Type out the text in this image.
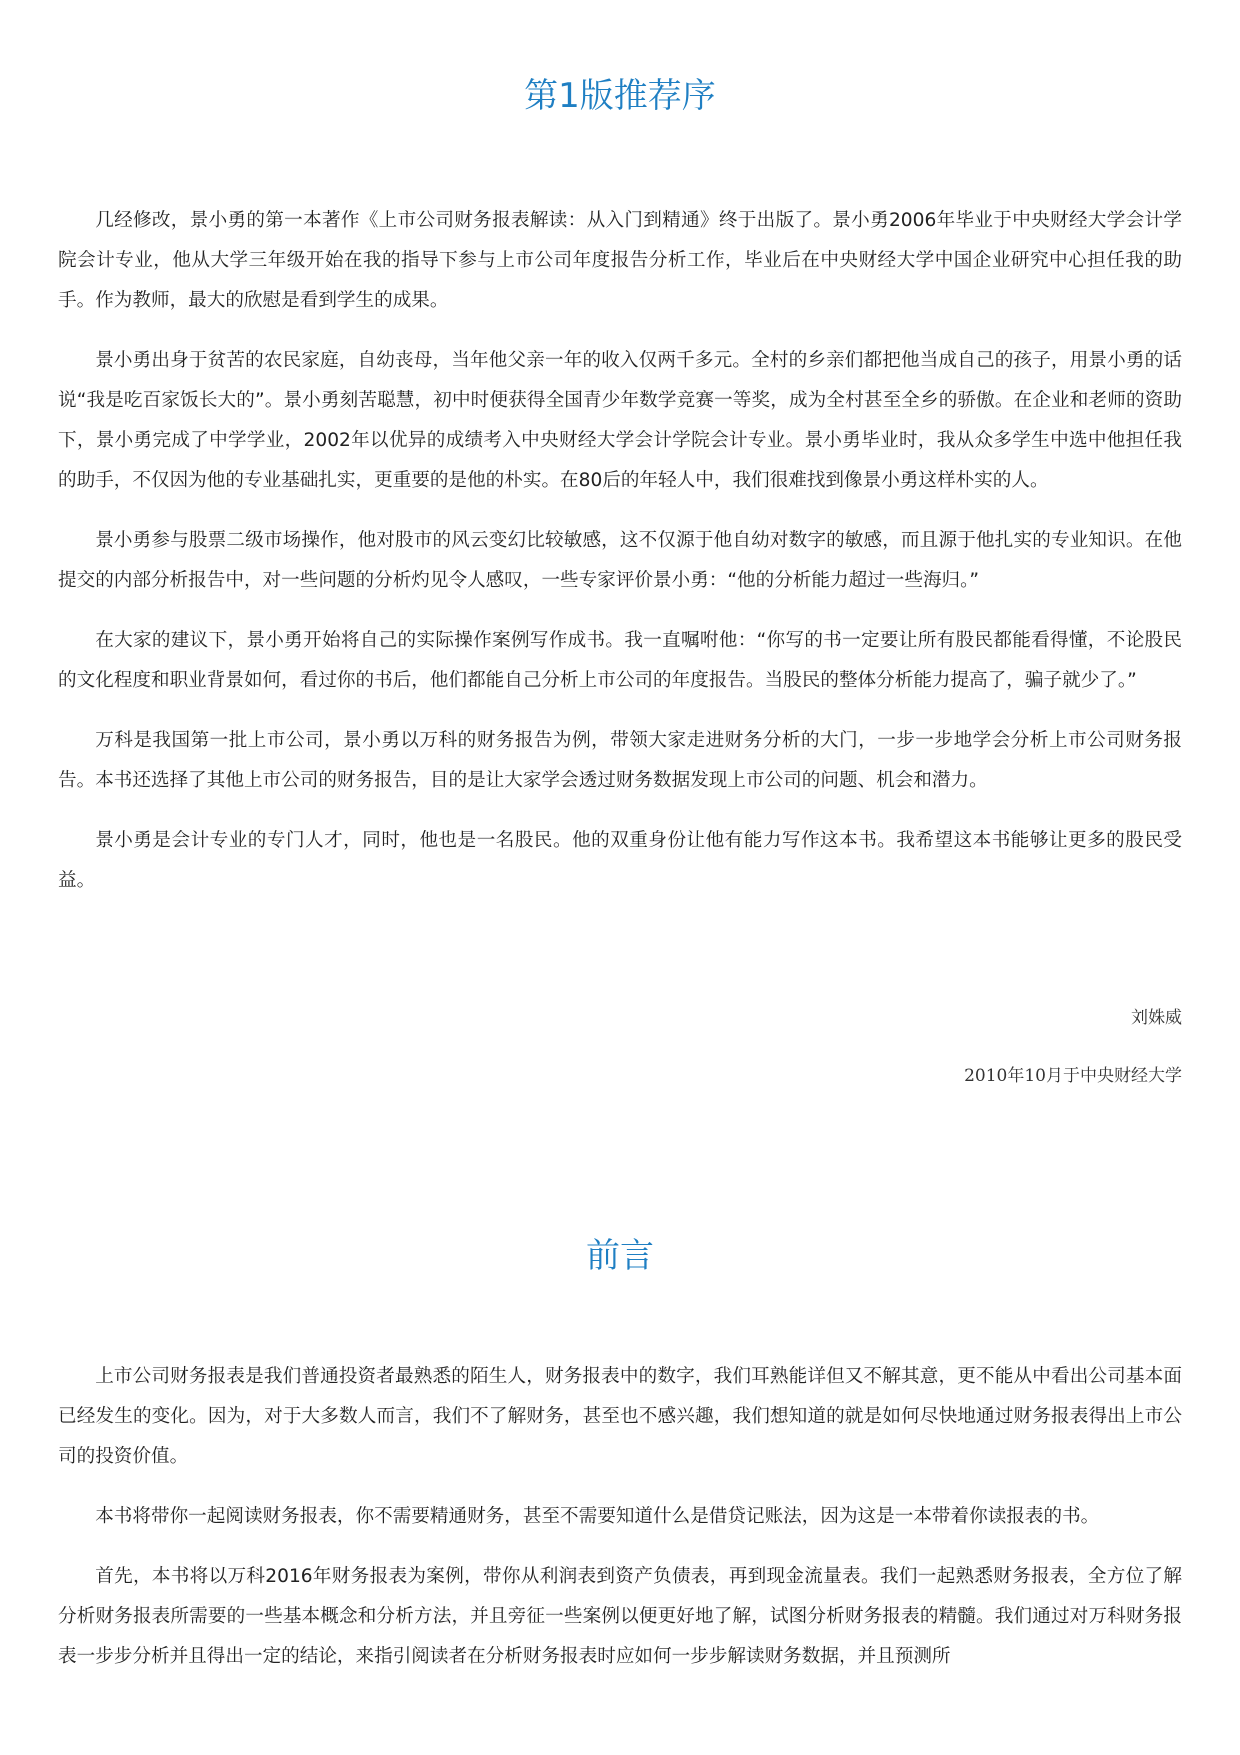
第1版推荐序

几经修改，景小勇的第一本著作《上市公司财务报表解读：从入门到精通》终于出版了。景小勇2006年毕业于中央财经大学会计学院会计专业，他从大学三年级开始在我的指导下参与上市公司年度报告分析工作，毕业后在中央财经大学中国企业研究中心担任我的助手。作为教师，最大的欣慰是看到学生的成果。

景小勇出身于贫苦的农民家庭，自幼丧母，当年他父亲一年的收入仅两千多元。全村的乡亲们都把他当成自己的孩子，用景小勇的话说“我是吃百家饭长大的”。景小勇刻苦聪慧，初中时便获得全国青少年数学竞赛一等奖，成为全村甚至全乡的骄傲。在企业和老师的资助下，景小勇完成了中学学业，2002年以优异的成绩考入中央财经大学会计学院会计专业。景小勇毕业时，我从众多学生中选中他担任我的助手，不仅因为他的专业基础扎实，更重要的是他的朴实。在80后的年轻人中，我们很难找到像景小勇这样朴实的人。

景小勇参与股票二级市场操作，他对股市的风云变幻比较敏感，这不仅源于他自幼对数字的敏感，而且源于他扎实的专业知识。在他提交的内部分析报告中，对一些问题的分析灼见令人感叹，一些专家评价景小勇：“他的分析能力超过一些海归。”

在大家的建议下，景小勇开始将自己的实际操作案例写作成书。我一直嘱咐他：“你写的书一定要让所有股民都能看得懂，不论股民的文化程度和职业背景如何，看过你的书后，他们都能自己分析上市公司的年度报告。当股民的整体分析能力提高了，骗子就少了。”

万科是我国第一批上市公司，景小勇以万科的财务报告为例，带领大家走进财务分析的大门，一步一步地学会分析上市公司财务报告。本书还选择了其他上市公司的财务报告，目的是让大家学会透过财务数据发现上市公司的问题、机会和潜力。

景小勇是会计专业的专门人才，同时，他也是一名股民。他的双重身份让他有能力写作这本书。我希望这本书能够让更多的股民受益。

刘姝威
2010年10月于中央财经大学
前言

上市公司财务报表是我们普通投资者最熟悉的陌生人，财务报表中的数字，我们耳熟能详但又不解其意，更不能从中看出公司基本面已经发生的变化。因为，对于大多数人而言，我们不了解财务，甚至也不感兴趣，我们想知道的就是如何尽快地通过财务报表得出上市公司的投资价值。

本书将带你一起阅读财务报表，你不需要精通财务，甚至不需要知道什么是借贷记账法，因为这是一本带着你读报表的书。

首先，本书将以万科2016年财务报表为案例，带你从利润表到资产负债表，再到现金流量表。我们一起熟悉财务报表，全方位了解分析财务报表所需要的一些基本概念和分析方法，并且旁征一些案例以便更好地了解，试图分析财务报表的精髓。我们通过对万科财务报表一步步分析并且得出一定的结论，来指引阅读者在分析财务报表时应如何一步步解读财务数据，并且预测所
